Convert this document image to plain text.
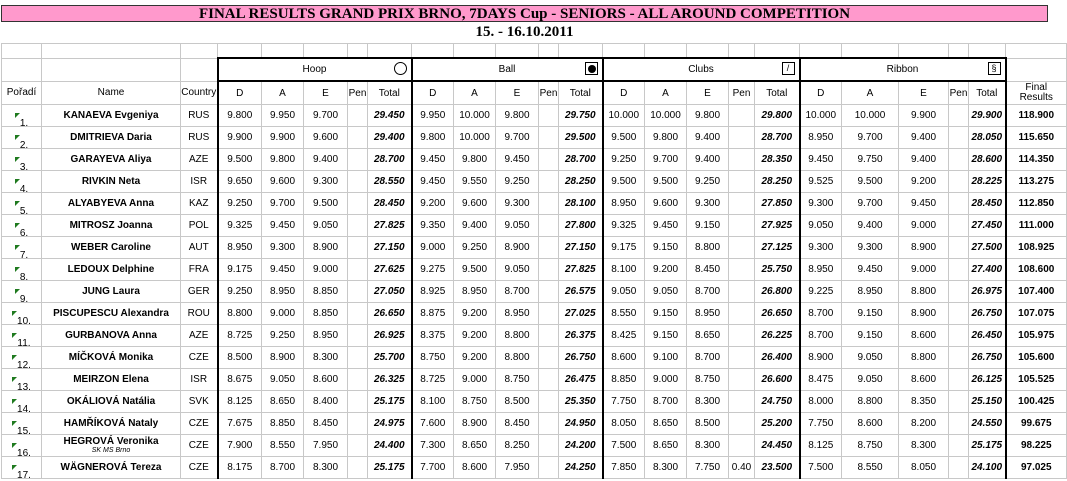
FINAL RESULTS GRAND PRIX BRNO, 7DAYS Cup - SENIORS - ALL AROUND COMPETITION
15. - 16.10.2011

			Hoop					Ball					Clubs /					Ribbon §					

Pořadí	Name	Country	D	A	E	Pen	Total	D	A	E	Pen	Total	D	A	E	Pen	Total	D	A	E	Pen	Total	Final
Results

1.	KANAEVA Evgeniya	RUS	9.800	9.950	9.700		29.450	9.950	10.000	9.800		29.750	10.000	10.000	9.800		29.800	10.000	10.000	9.900		29.900	118.900
2.	DMITRIEVA Daria	RUS	9.900	9.900	9.600		29.400	9.800	10.000	9.700		29.500	9.500	9.800	9.400		28.700	8.950	9.700	9.400		28.050	115.650
3.	GARAYEVA Aliya	AZE	9.500	9.800	9.400		28.700	9.450	9.800	9.450		28.700	9.250	9.700	9.400		28.350	9.450	9.750	9.400		28.600	114.350
4.	RIVKIN Neta	ISR	9.650	9.600	9.300		28.550	9.450	9.550	9.250		28.250	9.500	9.500	9.250		28.250	9.525	9.500	9.200		28.225	113.275
5.	ALYABYEVA Anna	KAZ	9.250	9.700	9.500		28.450	9.200	9.600	9.300		28.100	8.950	9.600	9.300		27.850	9.300	9.700	9.450		28.450	112.850
6.	MITROSZ Joanna	POL	9.325	9.450	9.050		27.825	9.350	9.400	9.050		27.800	9.325	9.450	9.150		27.925	9.050	9.400	9.000		27.450	111.000
7.	WEBER Caroline	AUT	8.950	9.300	8.900		27.150	9.000	9.250	8.900		27.150	9.175	9.150	8.800		27.125	9.300	9.300	8.900		27.500	108.925
8.	LEDOUX Delphine	FRA	9.175	9.450	9.000		27.625	9.275	9.500	9.050		27.825	8.100	9.200	8.450		25.750	8.950	9.450	9.000		27.400	108.600
9.	JUNG Laura	GER	9.250	8.950	8.850		27.050	8.925	8.950	8.700		26.575	9.050	9.050	8.700		26.800	9.225	8.950	8.800		26.975	107.400
10.	PISCUPESCU Alexandra	ROU	8.800	9.000	8.850		26.650	8.875	9.200	8.950		27.025	8.550	9.150	8.950		26.650	8.700	9.150	8.900		26.750	107.075
11.	GURBANOVA Anna	AZE	8.725	9.250	8.950		26.925	8.375	9.200	8.800		26.375	8.425	9.150	8.650		26.225	8.700	9.150	8.600		26.450	105.975
12.	MÍČKOVÁ Monika	CZE	8.500	8.900	8.300		25.700	8.750	9.200	8.800		26.750	8.600	9.100	8.700		26.400	8.900	9.050	8.800		26.750	105.600
13.	MEIRZON Elena	ISR	8.675	9.050	8.600		26.325	8.725	9.000	8.750		26.475	8.850	9.000	8.750		26.600	8.475	9.050	8.600		26.125	105.525
14.	OKÁLIOVÁ Natália	SVK	8.125	8.650	8.400		25.175	8.100	8.750	8.500		25.350	7.750	8.700	8.300		24.750	8.000	8.800	8.350		25.150	100.425
15.	HAMŘÍKOVÁ Nataly	CZE	7.675	8.850	8.450		24.975	7.600	8.900	8.450		24.950	8.050	8.650	8.500		25.200	7.750	8.600	8.200		24.550	99.675
16.	HEGROVÁ Veronika
SK MS Brno	CZE	7.900	8.550	7.950		24.400	7.300	8.650	8.250		24.200	7.500	8.650	8.300		24.450	8.125	8.750	8.300		25.175	98.225
17.	WÄGNEROVÁ Tereza	CZE	8.175	8.700	8.300		25.175	7.700	8.600	7.950		24.250	7.850	8.300	7.750	0.40	23.500	7.500	8.550	8.050		24.100	97.025
